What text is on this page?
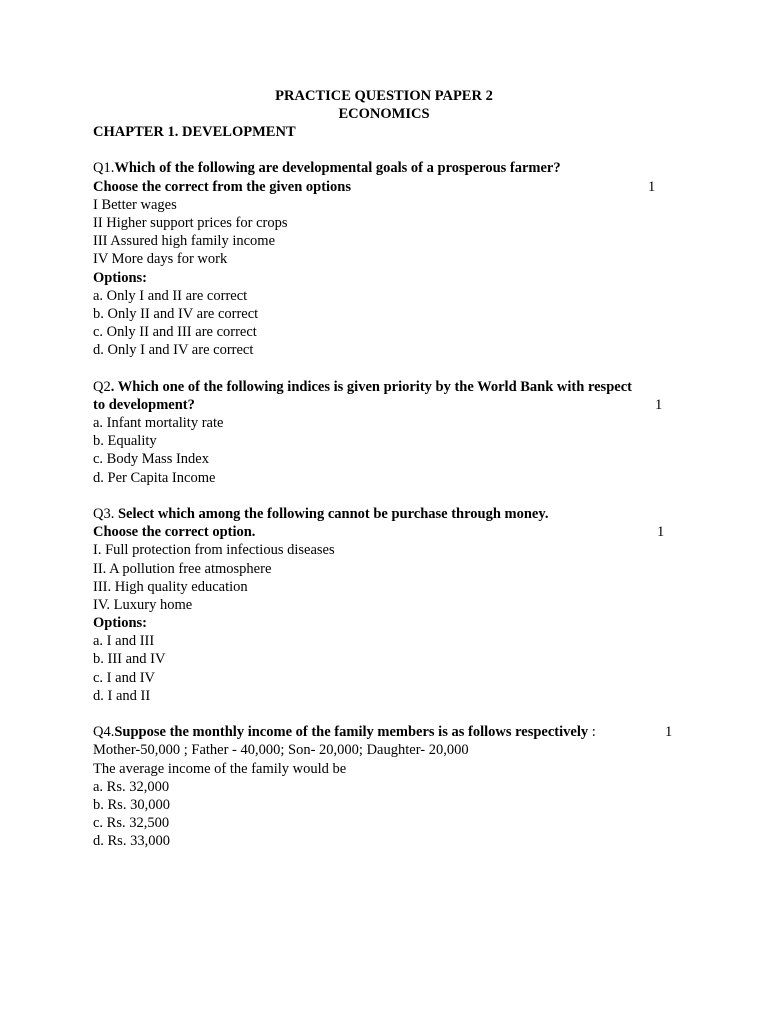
PRACTICE QUESTION PAPER 2
ECONOMICS
CHAPTER 1. DEVELOPMENT
Q1.Which of the following are developmental goals of a prosperous farmer?
Choose the correct from the given options	1
I Better wages
II Higher support prices for crops
III Assured high family income
IV More days for work
Options:
a. Only I and II are correct
b. Only II and IV are correct
c. Only II and III are correct
d. Only I and IV are correct
Q2. Which one of the following indices is given priority by the World Bank with respect
to development?	1
a. Infant mortality rate
b. Equality
c. Body Mass Index
d. Per Capita Income
Q3. Select which among the following cannot be purchase through money.
Choose the correct option.	1
I. Full protection from infectious diseases
II. A pollution free atmosphere
III. High quality education
IV. Luxury home
Options:
a. I and III
b. III and IV
c. I and IV
d. I and II
Q4.Suppose the monthly income of the family members is as follows respectively :	1
Mother-50,000 ; Father - 40,000; Son- 20,000; Daughter- 20,000
The average income of the family would be
a. Rs. 32,000
b. Rs. 30,000
c. Rs. 32,500
d. Rs. 33,000
